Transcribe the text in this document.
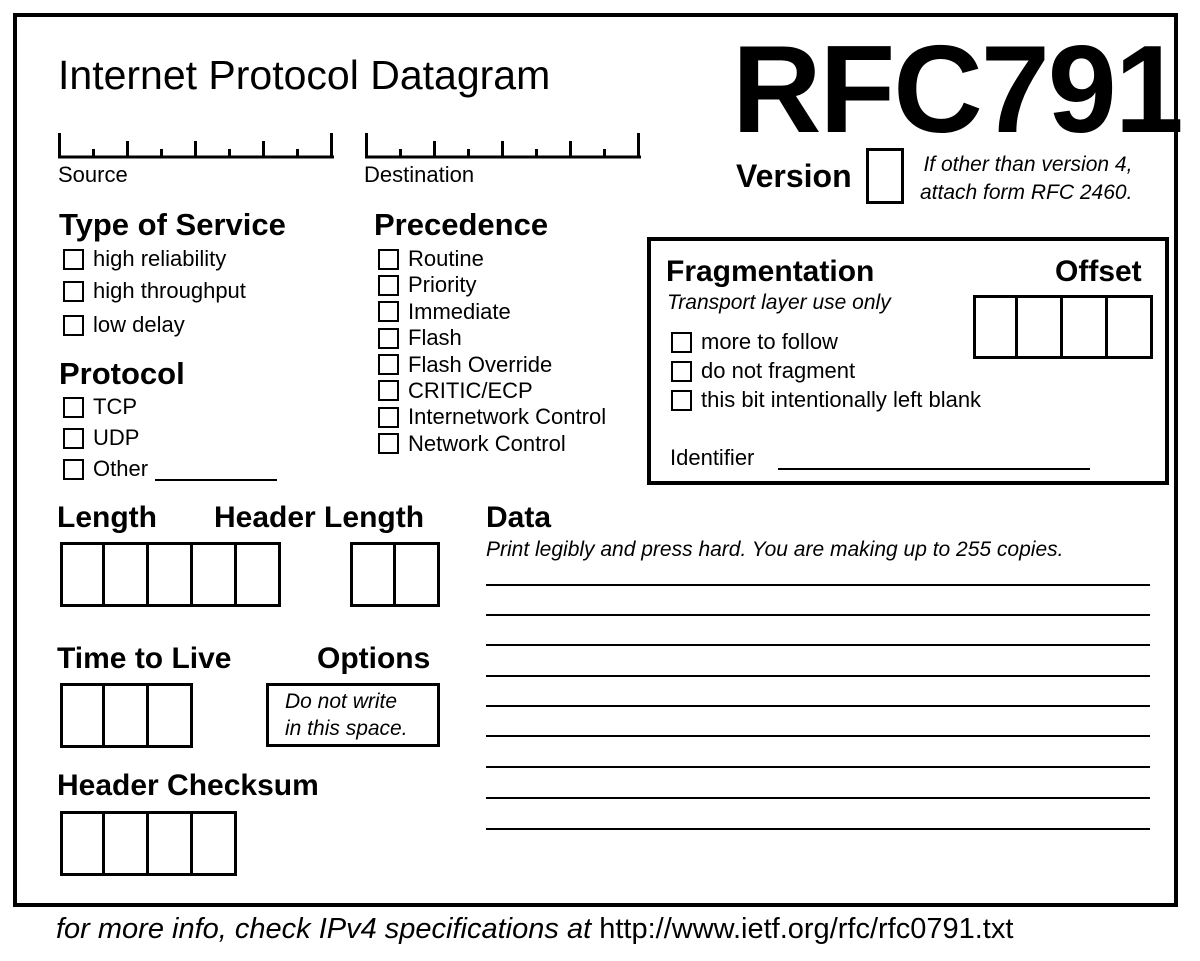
Internet Protocol Datagram RFC791
Source	Destination	Version	If other than version 4,
attach form RFC 2460.
Type of Service
high reliability
high throughput
low delay
Protocol
TCP
UDP
Other
Precedence
Routine
Priority
Immediate
Flash
Flash Override
CRITIC/ECP
Internetwork Control
Network Control
Fragmentation	Offset
Transport layer use only
more to follow
do not fragment
this bit intentionally left blank
Identifier
Length Header Length
Time to Live	Options
Do not write
in this space.
Header Checksum
Data
Print legibly and press hard. You are making up to 255 copies.
for more info, check IPv4 specifications at http://www.ietf.org/rfc/rfc0791.txt
